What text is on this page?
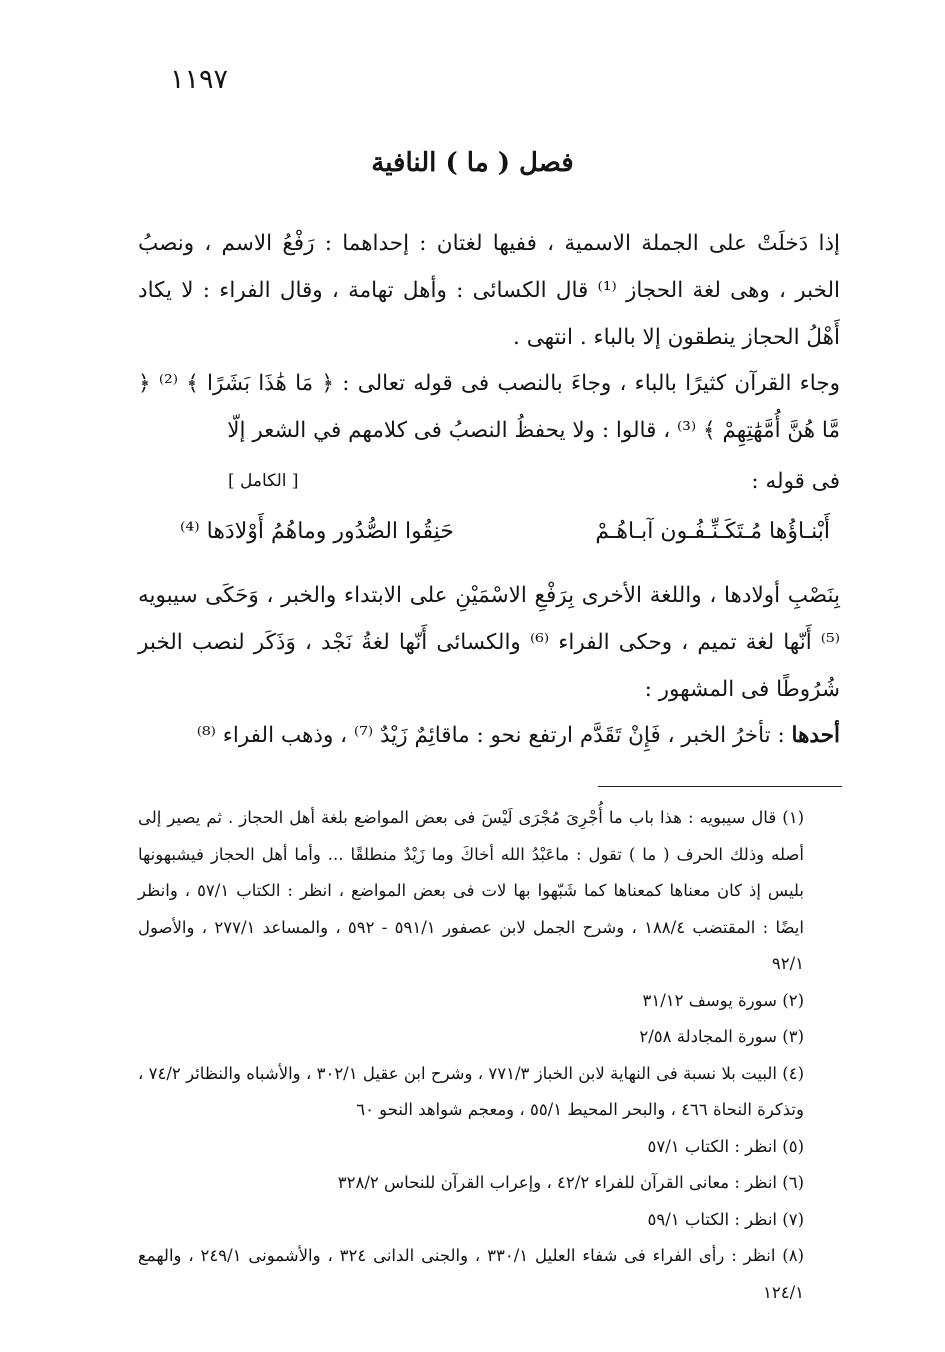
١١٩٧
فصل ( ما ) النافية
إذا دَخلَتْ على الجملة الاسمية ، ففيها لغتان : إحداهما : رَفْعُ الاسم ، ونصبُ الخبر ، وهى لغة الحجاز ⁽¹⁾ قال الكسائى : وأهل تهامة ، وقال الفراء : لا يكاد أَهْلُ الحجاز ينطقون إلا بالباء . انتهى .
وجاء القرآن كثيرًا بالباء ، وجاءَ بالنصب فى قوله تعالى : ﴿ مَا هَٰذَا بَشَرًا ﴾ ⁽²⁾ ﴿ مَّا هُنَّ أُمَّهَٰتِهِمْ ﴾ ⁽³⁾ ، قالوا : ولا يحفظُ النصبُ فى كلامهم في الشعر إلّا
فى قوله :
[ الكامل ]
أَبْنـاؤُها مُـتَكَـنِّـفُـون آبـاهُـمْ
حَنِقُوا الصُّدُور وماهُمُ أَوْلادَها ⁽⁴⁾
بِنَصْبِ أولادها ، واللغة الأخرى بِرَفْعِ الاسْمَيْنِ على الابتداء والخبر ، وَحَكَى سيبويه ⁽⁵⁾ أَنّها لغة تميم ، وحكى الفراء ⁽⁶⁾ والكسائى أَنّها لغةُ نَجْد ، وَذَكَر لنصب الخبر شُرُوطًا فى المشهور :
أحدها : تأخرُ الخبر ، فَإِنْ تَقَدَّم ارتفع نحو : ماقائِمٌ زَيْدٌ ⁽⁷⁾ ، وذهب الفراء ⁽⁸⁾
(١) قال سيبويه : هذا باب ما أُجْرِىَ مُجْرَى لَيْسَ فى بعض المواضع بلغة أهل الحجاز . ثم يصير إلى أصله وذلك الحرف ( ما ) تقول : ماعَبْدُ الله أخاكَ وما زَيْدٌ منطلقًا ... وأما أهل الحجاز فيشبهونها بليس إذ كان معناها كمعناها كما شَبّهوا بها لات فى بعض المواضع ، انظر : الكتاب ٥٧/١ ، وانظر ايضًا : المقتضب ١٨٨/٤ ، وشرح الجمل لابن عصفور ٥٩١/١ - ٥٩٢ ، والمساعد ٢٧٧/١ ، والأصول ٩٢/١
(٢) سورة يوسف ٣١/١٢
(٣) سورة المجادلة ٢/٥٨
(٤) البيت بلا نسبة فى النهاية لابن الخباز ٧٧١/٣ ، وشرح ابن عقيل ٣٠٢/١ ، والأشباه والنظائر ٧٤/٢ ، وتذكرة النحاة ٤٦٦ ، والبحر المحيط ٥٥/١ ، ومعجم شواهد النحو ٦٠
(٥) انظر : الكتاب ٥٧/١
(٦) انظر : معانى القرآن للفراء ٤٢/٢ ، وإعراب القرآن للنحاس ٣٢٨/٢
(٧) انظر : الكتاب ٥٩/١
(٨) انظر : رأى الفراء فى شفاء العليل ٣٣٠/١ ، والجنى الدانى ٣٢٤ ، والأشمونى ٢٤٩/١ ، والهمع ١٢٤/١
